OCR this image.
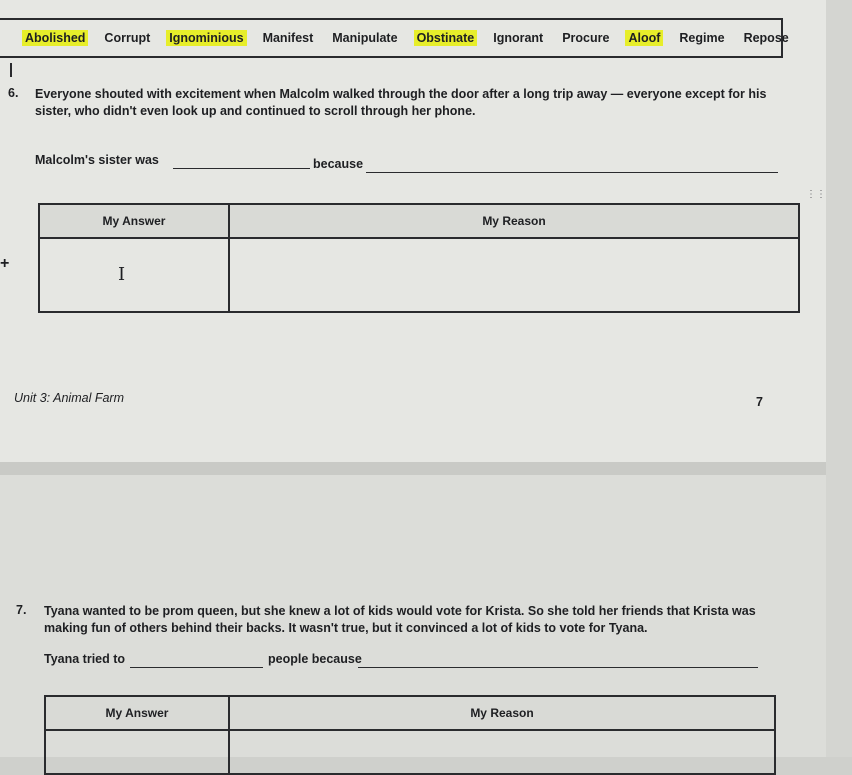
Abolished Corrupt Ignominious Manifest Manipulate Obstinate Ignorant Procure Aloof Regime Repose
6. Everyone shouted with excitement when Malcolm walked through the door after a long trip away — everyone except for his
sister, who didn't even look up and continued to scroll through her phone.
Malcolm's sister was	because
⋮⋮
My Answer	My Reason

+
I
Unit 3: Animal Farm	7
7. Tyana wanted to be prom queen, but she knew a lot of kids would vote for Krista. So she told her friends that Krista was
making fun of others behind their backs. It wasn't true, but it convinced a lot of kids to vote for Tyana.
Tyana tried to	people because
My Answer	My Reason
